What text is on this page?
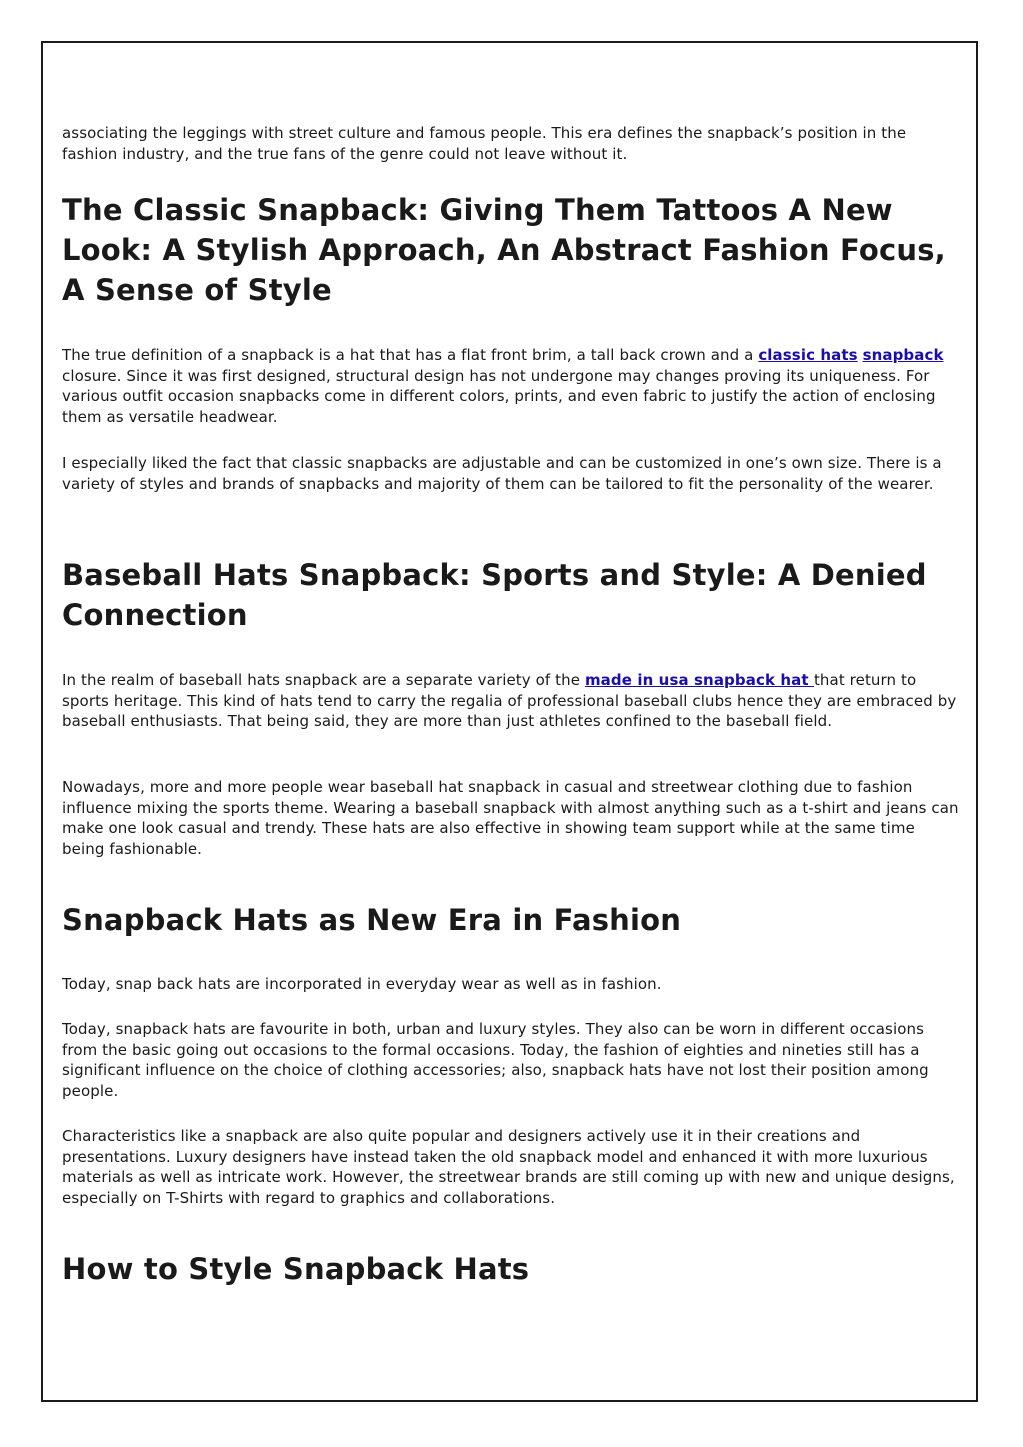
associating the leggings with street culture and famous people. This era defines the snapback’s position in the fashion industry, and the true fans of the genre could not leave without it.

The Classic Snapback: Giving Them Tattoos A New Look: A Stylish Approach, An Abstract Fashion Focus, A Sense of Style

The true definition of a snapback is a hat that has a flat front brim, a tall back crown and a classic hats snapback closure. Since it was first designed, structural design has not undergone may changes proving its uniqueness. For various outfit occasion snapbacks come in different colors, prints, and even fabric to justify the action of enclosing them as versatile headwear.

I especially liked the fact that classic snapbacks are adjustable and can be customized in one’s own size. There is a variety of styles and brands of snapbacks and majority of them can be tailored to fit the personality of the wearer.

Baseball Hats Snapback: Sports and Style: A Denied Connection

In the realm of baseball hats snapback are a separate variety of the made in usa snapback hat that return to sports heritage. This kind of hats tend to carry the regalia of professional baseball clubs hence they are embraced by baseball enthusiasts. That being said, they are more than just athletes confined to the baseball field.

Nowadays, more and more people wear baseball hat snapback in casual and streetwear clothing due to fashion influence mixing the sports theme. Wearing a baseball snapback with almost anything such as a t-shirt and jeans can make one look casual and trendy. These hats are also effective in showing team support while at the same time being fashionable.

Snapback Hats as New Era in Fashion

Today, snap back hats are incorporated in everyday wear as well as in fashion.

Today, snapback hats are favourite in both, urban and luxury styles. They also can be worn in different occasions from the basic going out occasions to the formal occasions. Today, the fashion of eighties and nineties still has a significant influence on the choice of clothing accessories; also, snapback hats have not lost their position among people.

Characteristics like a snapback are also quite popular and designers actively use it in their creations and presentations. Luxury designers have instead taken the old snapback model and enhanced it with more luxurious materials as well as intricate work. However, the streetwear brands are still coming up with new and unique designs, especially on T-Shirts with regard to graphics and collaborations.

How to Style Snapback Hats
